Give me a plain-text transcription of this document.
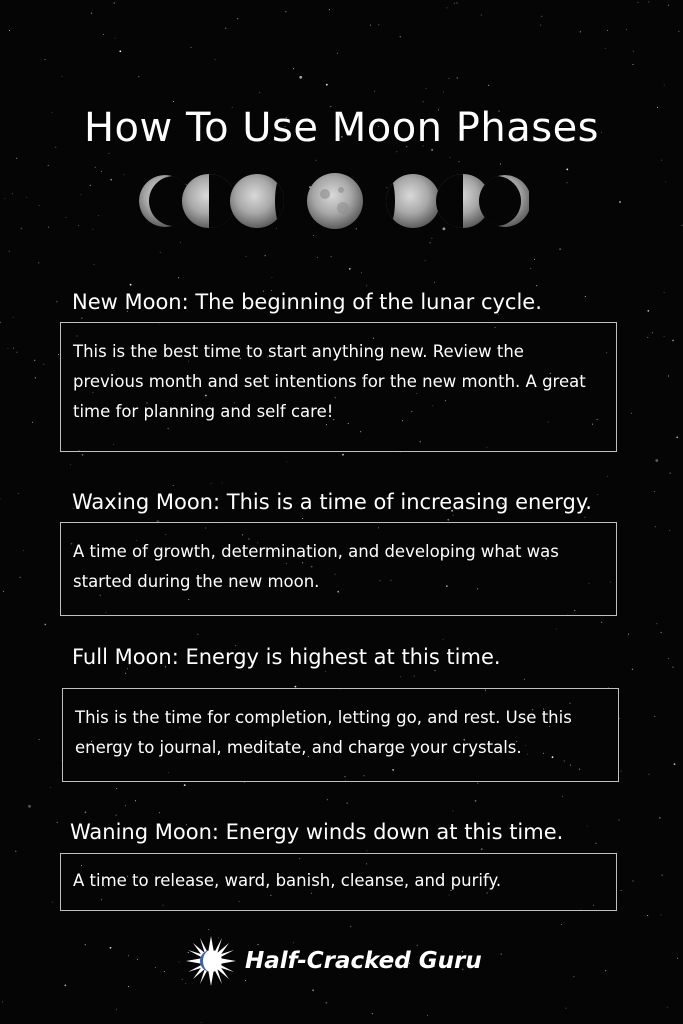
How To Use Moon Phases
New Moon: The beginning of the lunar cycle.
This is the best time to start anything new. Review the
previous month and set intentions for the new month. A great
time for planning and self care!
Waxing Moon: This is a time of increasing energy.
A time of growth, determination, and developing what was
started during the new moon.
Full Moon: Energy is highest at this time.
This is the time for completion, letting go, and rest. Use this
energy to journal, meditate, and charge your crystals.
Waning Moon: Energy winds down at this time.
A time to release, ward, banish, cleanse, and purify.
Half-Cracked Guru
